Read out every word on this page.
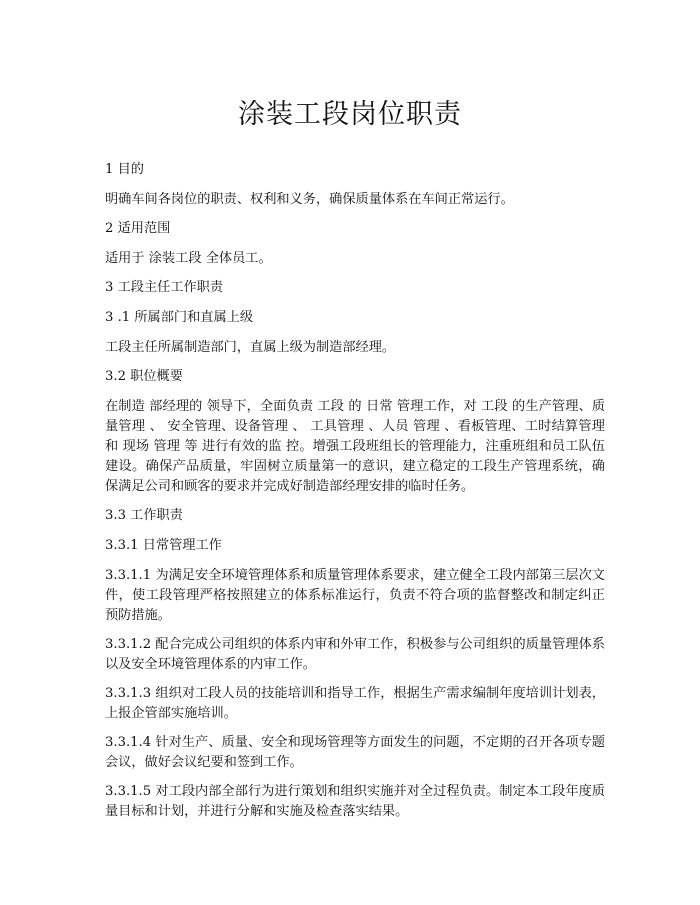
涂装工段岗位职责

1 目的

明确车间各岗位的职责、权利和义务，确保质量体系在车间正常运行。

2 适用范围

适用于 涂装工段 全体员工。

3 工段主任工作职责

3 .1 所属部门和直属上级

工段主任所属制造部门，直属上级为制造部经理。

3.2 职位概要

在制造 部经理的 领导下，全面负责 工段 的 日常 管理工作，对 工段 的生产管理、质量管理 、 安全管理、设备管理 、 工具管理 、人员 管理 、看板管理、工时结算管理 和 现场 管理 等 进行有效的监 控。增强工段班组长的管理能力，注重班组和员工队伍建设。确保产品质量，牢固树立质量第一的意识，建立稳定的工段生产管理系统，确保满足公司和顾客的要求并完成好制造部经理安排的临时任务。

3.3 工作职责

3.3.1 日常管理工作

3.3.1.1 为满足安全环境管理体系和质量管理体系要求，建立健全工段内部第三层次文件，使工段管理严格按照建立的体系标准运行，负责不符合项的监督整改和制定纠正预防措施。

3.3.1.2 配合完成公司组织的体系内审和外审工作，积极参与公司组织的质量管理体系以及安全环境管理体系的内审工作。

3.3.1.3 组织对工段人员的技能培训和指导工作，根据生产需求编制年度培训计划表，上报企管部实施培训。

3.3.1.4 针对生产、质量、安全和现场管理等方面发生的问题，不定期的召开各项专题会议，做好会议纪要和签到工作。

3.3.1.5 对工段内部全部行为进行策划和组织实施并对全过程负责。制定本工段年度质量目标和计划，并进行分解和实施及检查落实结果。
